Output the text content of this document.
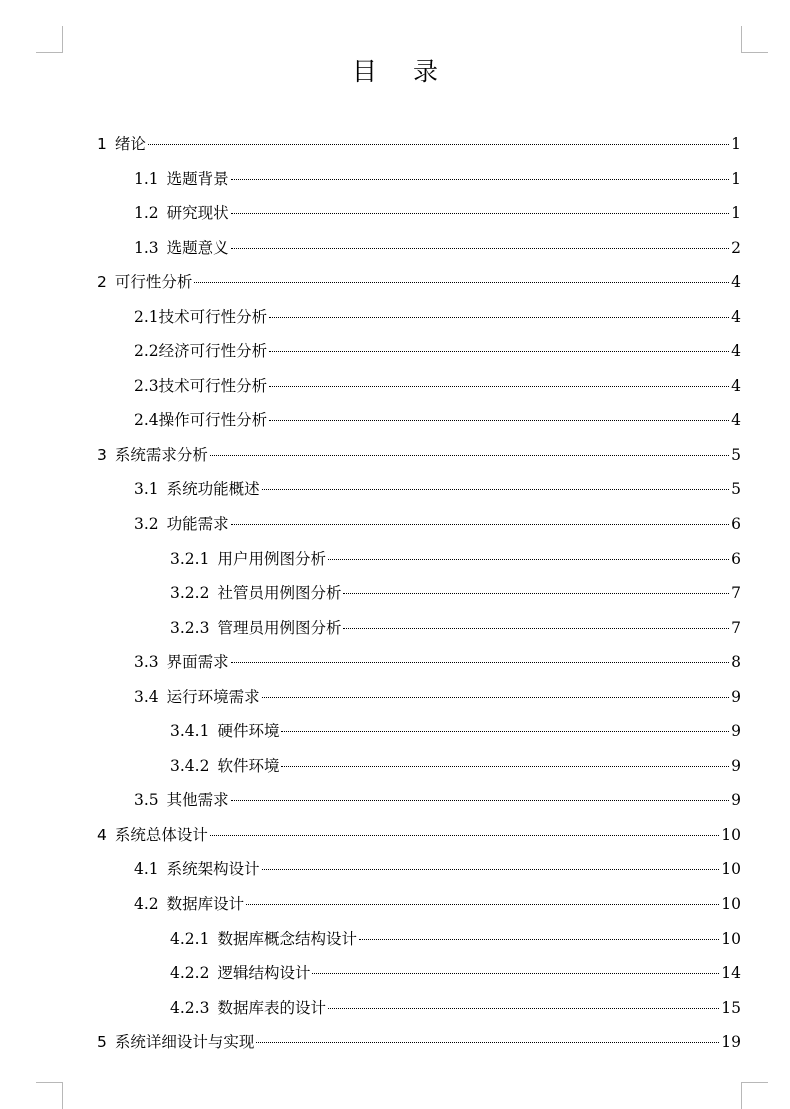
目 录
1 绪论	1
1.1 选题背景	1
1.2 研究现状	1
1.3 选题意义	2
2 可行性分析	4
2.1 技术可行性分析	4
2.2 经济可行性分析	4
2.3 技术可行性分析	4
2.4 操作可行性分析	4
3 系统需求分析	5
3.1 系统功能概述	5
3.2 功能需求	6
3.2.1 用户用例图分析	6
3.2.2 社管员用例图分析	7
3.2.3 管理员用例图分析	7
3.3 界面需求	8
3.4 运行环境需求	9
3.4.1 硬件环境	9
3.4.2 软件环境	9
3.5 其他需求	9
4 系统总体设计	10
4.1 系统架构设计	10
4.2 数据库设计	10
4.2.1 数据库概念结构设计	10
4.2.2 逻辑结构设计	14
4.2.3 数据库表的设计	15
5 系统详细设计与实现	19
